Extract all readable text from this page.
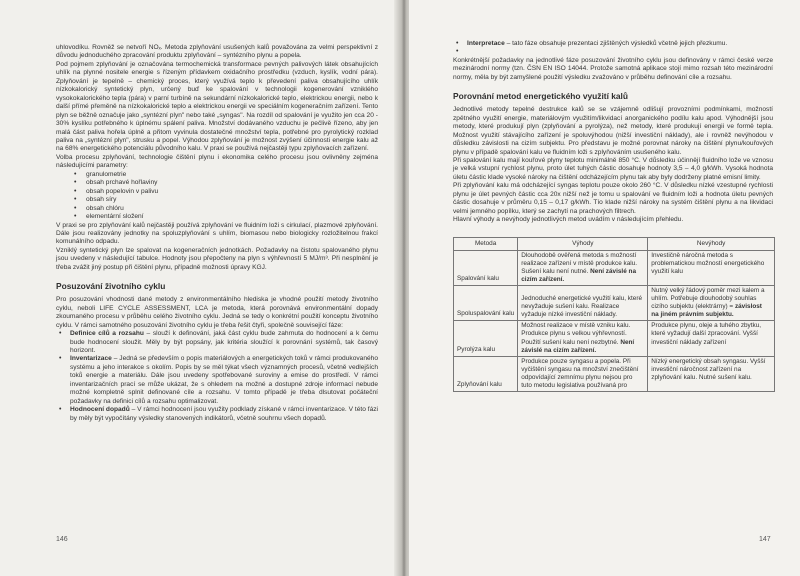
uhlovodíku. Rovněž se netvoří NOₓ. Metoda zplyňování usušených kalů považována za velmi perspektivní z důvodu jednoduchého zpracování produktu zplyňování – syntézního plynu a popela.

Pod pojmem zplyňování je označována termochemická transformace pevných palivových látek obsahujících uhlík na plynné nositele energie s řízeným přídavkem oxidačního prostředku (vzduch, kyslík, vodní pára). Zplyňování je tepelně – chemický proces, který využívá teplo k převedení paliva obsahujícího uhlík nízkokalorický syntetický plyn, určený buď ke spalování v technologii kogenerování vzniklého vysokokalorického tepla (pára) v parní turbíně na sekundární nízkokalorické teplo, elektrickou energii, nebo k další přímé přeměně na nízkokalorické teplo a elektrickou energii ve speciálním kogeneračním zařízení. Tento plyn se běžně označuje jako „syntézní plyn" nebo také „syngas". Na rozdíl od spalování je využito jen cca 20 - 30% kyslíku potřebného k úplnému spálení paliva. Množství dodávaného vzduchu je pečlivě řízeno, aby jen malá část paliva hořela úplně a přitom vyvinula dostatečné množství tepla, potřebné pro pyrolytický rozklad paliva na „syntézní plyn", strusku a popel. Výhodou zplyňování je možnost zvýšení účinnosti energie kalu až na 68% energetického potenciálu původního kalu. V praxi se používá nejčastěji typu zplyňovacích zařízení.

Volba procesu zplyňování, technologie čištění plynu i ekonomika celého procesu jsou ovlivněny zejména následujícími parametry:

• granulometrie
• obsah prchavé hořlaviny
• obsah popelovin v palivu
• obsah síry
• obsah chlóru
• elementární složení

V praxi se pro zplyňování kalů nejčastěji používá zplyňování ve fluidním loži s cirkulací, plazmové zplyňování. Dále jsou realizovány jednotky na spoluzplyňování s uhlím, biomasou nebo biologicky rozložitelnou frakcí komunálního odpadu.

Vzniklý syntetický plyn lze spalovat na kogeneračních jednotkách. Požadavky na čistotu spalovaného plynu jsou uvedeny v následující tabulce. Hodnoty jsou přepočteny na plyn s výhřevností 5 MJ/m³. Při nesplnění je třeba zvážit jiný postup při čištění plynu, případně možnosti úpravy KGJ.

Posuzování životního cyklu

Pro posuzování vhodnosti dané metody z environmentálního hlediska je vhodné použití metody životního cyklu, neboli LIFE CYCLE ASSESSMENT, LCA je metoda, která porovnává environmentální dopady zkoumaného procesu v průběhu celého životního cyklu. Jedná se tedy o konkrétní použití konceptu životního cyklu. V rámci samotného posuzování životního cyklu je třeba řešit čtyři, společně související fáze:

• Definice cílů a rozsahu – slouží k definování, jaká část cyklu bude zahrnuta do hodnocení a k čemu bude hodnocení sloužit. Měly by být popsány, jak kritéria sloužící k porovnání systémů, tak časový horizont.
• Inventarizace – Jedná se především o popis materiálových a energetických toků v rámci produkovaného systému a jeho interakce s okolím. Popis by se měl týkat všech významných procesů, včetně vedlejších toků energie a materiálu. Dále jsou uvedeny spotřebované suroviny a emise do prostředí. V rámci inventarizačních prací se může ukázat, že s ohledem na možné a dostupné zdroje informací nebude možné kompletně splnit definované cíle a rozsahu. V tomto případě je třeba dlsutovat počáteční požadavky na definici cílů a rozsahu optimalizovat.
• Hodnocení dopadů – V rámci hodnocení jsou využity podklady získané v rámci inventarizace. V této fázi by měly být vypočítány výsledky stanovených indikátorů, včetně souhrnu všech dopadů.
146
• Interpretace – tato fáze obsahuje prezentaci zjištěných výsledků včetně jejich přezkumu.
•

Konkrétnější požadavky na jednotlivé fáze posuzování životního cyklu jsou definovány v rámci české verze mezinárodní normy (tzn. ČSN EN ISO 14044. Protože samotná aplikace stojí mimo rozsah této mezinárodní normy, měla by být zamyšlené použití výsledku zvažováno v průběhu definování cíle a rozsahu.

Porovnání metod energetického využití kalů

Jednotlivé metody tepelné destrukce kalů se se vzájemně odlišují provozními podmínkami, možností zpětného využití energie, materiálovým využitím/likvidací anorganického podílu kalu apod. Výhodnější jsou metody, které produkují plyn (zplyňování a pyrolýza), než metody, které produkují energii ve formě tepla. Možnost využití stávajícího zařízení je spoluvýhodou (nižší investiční náklady), ale i rovněž nevýhodou v důsledku závislosti na cizím subjektu. Pro představu je možné porovnat nároky na čištění plynu/kouřových plynu v případě spalování kalu ve fluidním loži s zplyňováním usušeného kalu.

Při spalování kalu mají kouřové plyny teplotu minimálně 850 °C. V důsledku účinnějí fluidního lože ve vznosu je velká vstupní rychlost plynu, proto úlet tuhých částic dosahuje hodnoty 3,5 – 4,0 g/kWh. Vysoká hodnota úletu částic klade vysoké nároky na čištění odcházejícím plynu tak aby byly dodrženy platné emisní limity.

Při zplyňování kalu má odcházející syngas teplotu pouze okolo 260 °C. V důsledku nízké vzestupné rychlosti plynu je úlet pevných částic cca 20x nižší než je tomu u spalování ve fluidním loži a hodnota úletu pevných částic dosahuje v průměru 0,15 – 0,17 g/kWh. Tío klade nižší nároky na systém čištění plynu a na likvidaci velmi jemného popílku, který se zachytí na prachových filtrech.

Hlavní výhody a nevýhody jednotlivých metod uvádím v následujícím přehledu.

Metoda	Výhody	Nevýhody
Spalování kalu	Dlouhodobě ověřená metoda s možností realizace zařízení v místě produkce kalu. Sušení kalu není nutné. Není závislé na cizím zařízení.	Investičně náročná metoda s problematickou možností energetického využití kalu
Spoluspalování kalu	Jednoduché energetické využití kalu, které nevyžaduje sušení kalu. Realizace vyžaduje nízké investiční náklady.	Nutný velký řádový poměr mezi kalem a uhlím. Potřebuje dlouhodobý souhlas cizího subjektu (elektrárny) = závislost na jiném právním subjektu.
Pyrolýza kalu	Možnost realizace v místě vzniku kalu. Produkce plynu s velkou výhřevností. Použití sušení kalu není nezbytné. Není závislé na cizím zařízení.	Produkce plynu, oleje a tuhého zbytku, které vyžadují další zpracování. Vyšší investiční náklady zařízení
Zplyňování kalu	Produkce pouze syngasu a popela. Při vyčištění syngasu na množství znečištění odpovídající zemnímu plynu nejsou pro tuto metodu legislativa používaná pro	Nízký energetický obsah syngasu. Vyšší investiční náročnost zařízení na zplyňování kalu. Nutné sušení kalu.
147
